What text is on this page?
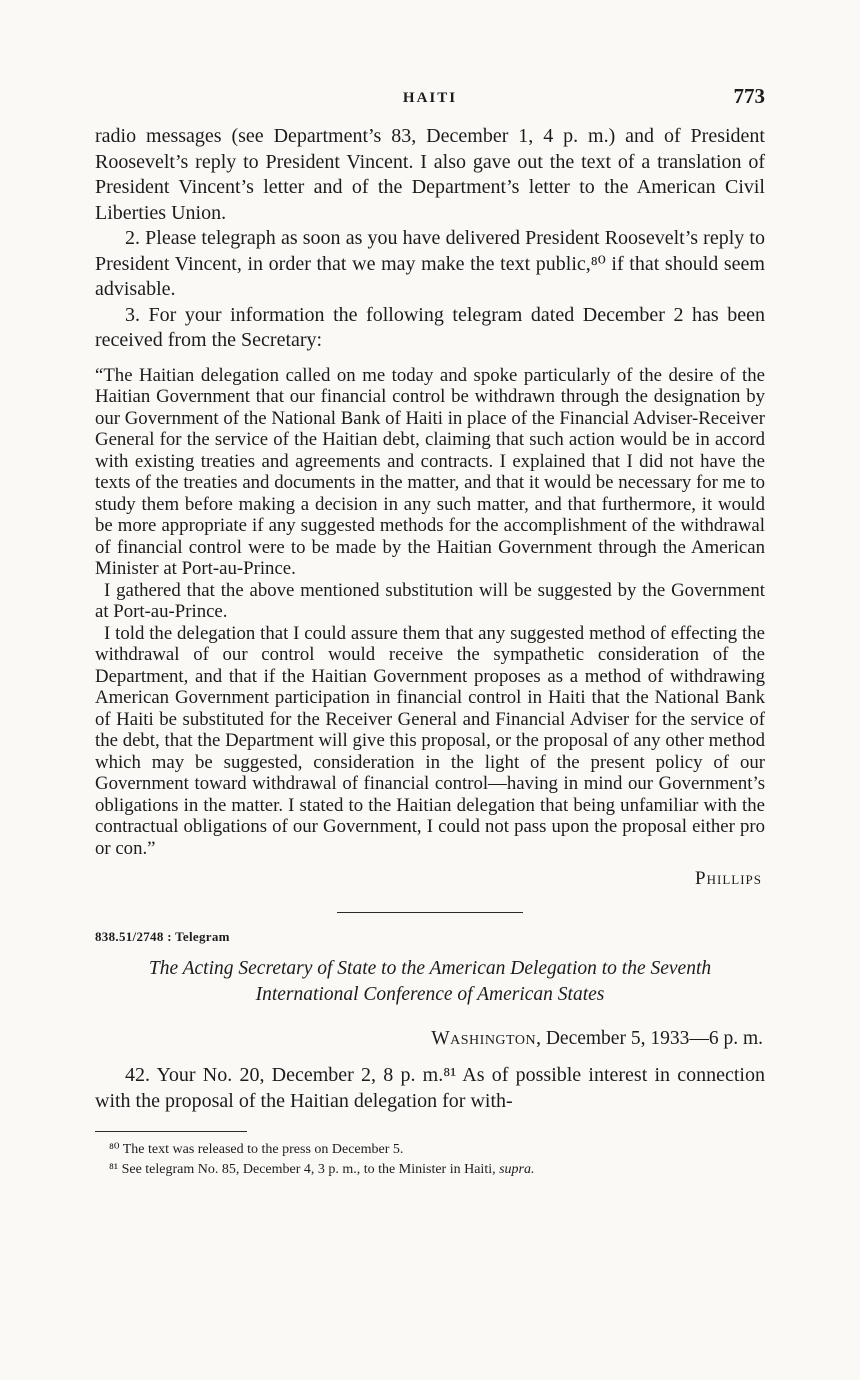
HAITI	773

radio messages (see Department’s 83, December 1, 4 p. m.) and of President Roosevelt’s reply to President Vincent. I also gave out the text of a translation of President Vincent’s letter and of the Department’s letter to the American Civil Liberties Union.

2. Please telegraph as soon as you have delivered President Roosevelt’s reply to President Vincent, in order that we may make the text public,⁸⁰ if that should seem advisable.

3. For your information the following telegram dated December 2 has been received from the Secretary:

“The Haitian delegation called on me today and spoke particularly of the desire of the Haitian Government that our financial control be withdrawn through the designation by our Government of the National Bank of Haiti in place of the Financial Adviser-Receiver General for the service of the Haitian debt, claiming that such action would be in accord with existing treaties and agreements and contracts. I explained that I did not have the texts of the treaties and documents in the matter, and that it would be necessary for me to study them before making a decision in any such matter, and that furthermore, it would be more appropriate if any suggested methods for the accomplishment of the withdrawal of financial control were to be made by the Haitian Government through the American Minister at Port-au-Prince.

I gathered that the above mentioned substitution will be suggested by the Government at Port-au-Prince.

I told the delegation that I could assure them that any suggested method of effecting the withdrawal of our control would receive the sympathetic consideration of the Department, and that if the Haitian Government proposes as a method of withdrawing American Government participation in financial control in Haiti that the National Bank of Haiti be substituted for the Receiver General and Financial Adviser for the service of the debt, that the Department will give this proposal, or the proposal of any other method which may be suggested, consideration in the light of the present policy of our Government toward withdrawal of financial control—having in mind our Government’s obligations in the matter. I stated to the Haitian delegation that being unfamiliar with the contractual obligations of our Government, I could not pass upon the proposal either pro or con.”

Phillips

838.51/2748 : Telegram

The Acting Secretary of State to the American Delegation to the Seventh International Conference of American States

Washington, December 5, 1933—6 p. m.

42. Your No. 20, December 2, 8 p. m.⁸¹ As of possible interest in connection with the proposal of the Haitian delegation for with-

⁸⁰ The text was released to the press on December 5.

⁸¹ See telegram No. 85, December 4, 3 p. m., to the Minister in Haiti, supra.
